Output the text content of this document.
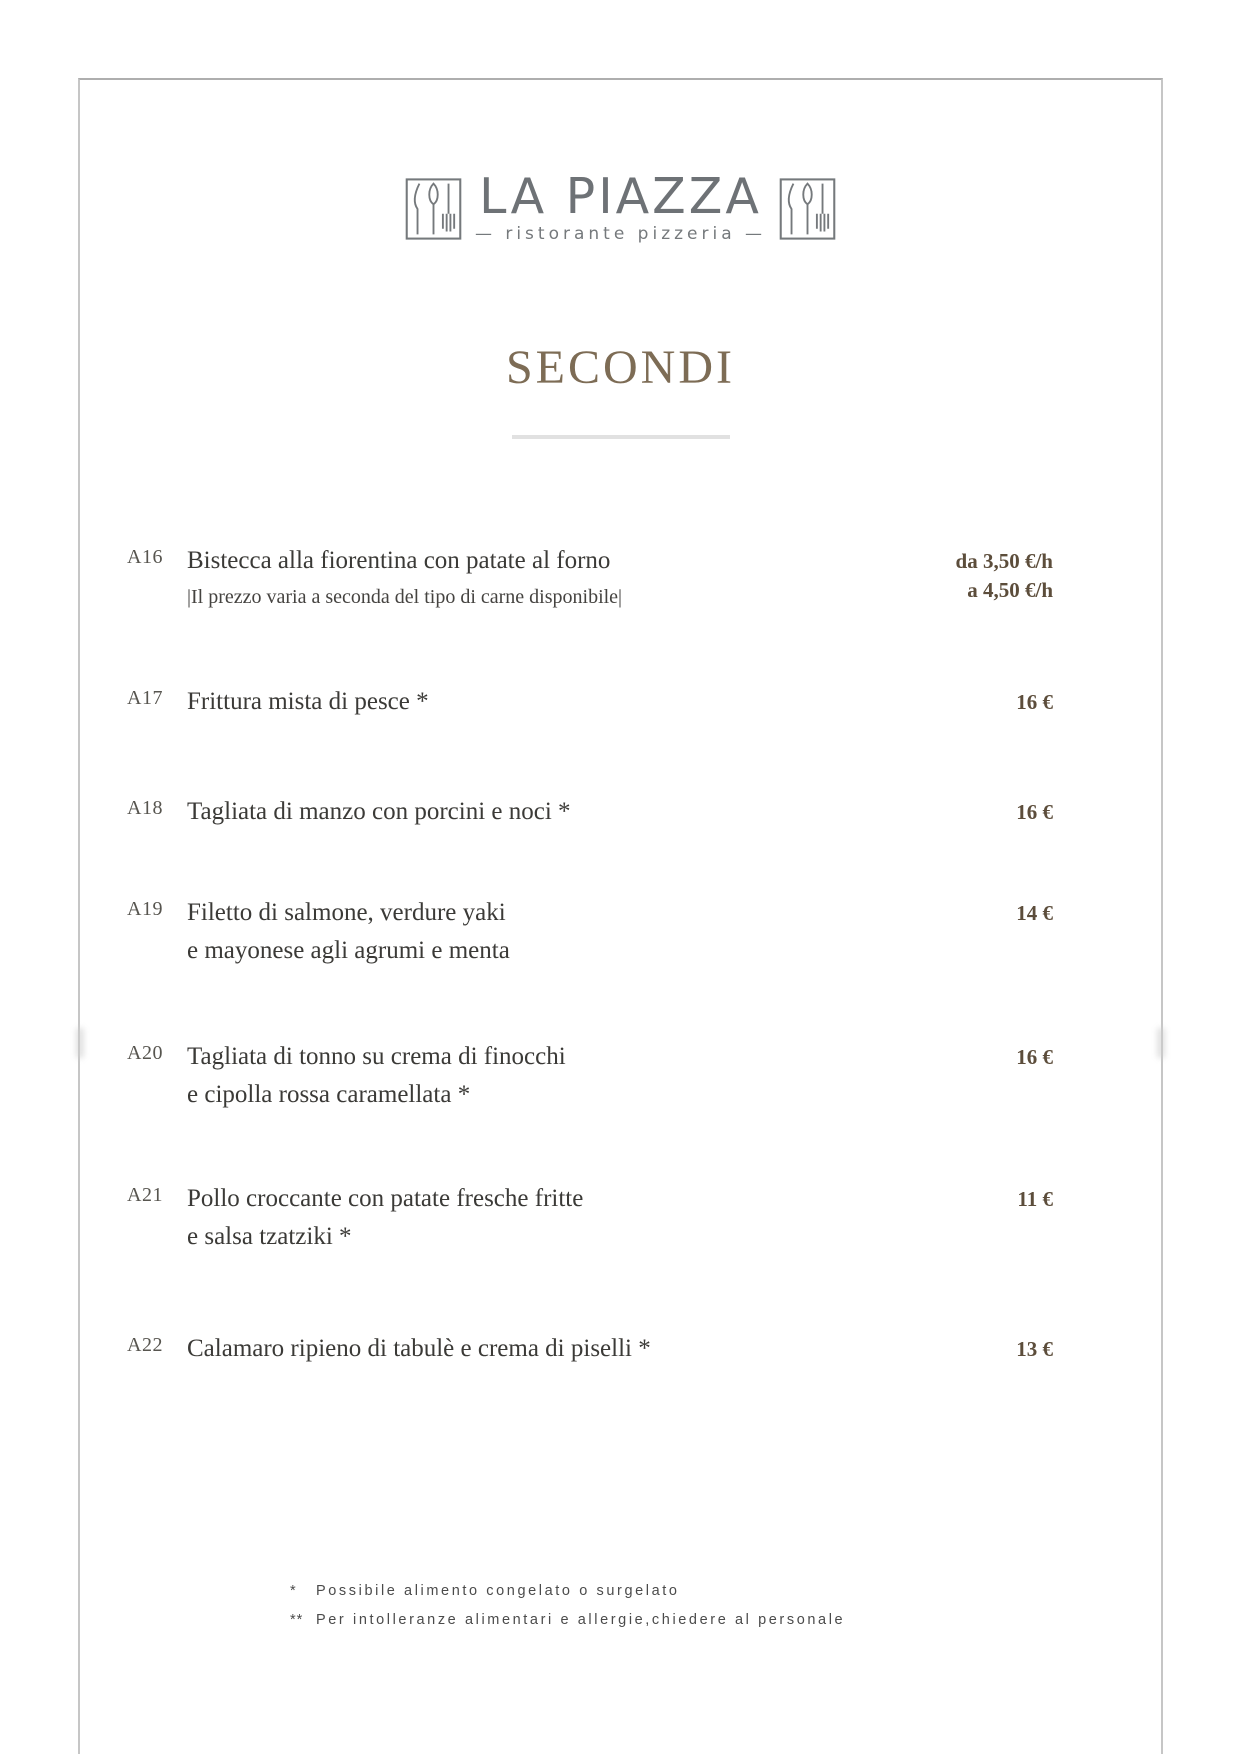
LA PIAZZA
— ristorante pizzeria —
SECONDI
A16 Bistecca alla fiorentina con patate al forno
|Il prezzo varia a seconda del tipo di carne disponibile|
da 3,50 €/h
a 4,50 €/h
A17 Frittura mista di pesce *	16 €
A18 Tagliata di manzo con porcini e noci *	16 €
A19 Filetto di salmone, verdure yaki
e mayonese agli agrumi e menta
14 €
A20 Tagliata di tonno su crema di finocchi
e cipolla rossa caramellata *
16 €
A21 Pollo croccante con patate fresche fritte
e salsa tzatziki *
11 €
A22 Calamaro ripieno di tabulè e crema di piselli *	13 €
*	Possibile alimento congelato o surgelato
** Per intolleranze alimentari e allergie,chiedere al personale
